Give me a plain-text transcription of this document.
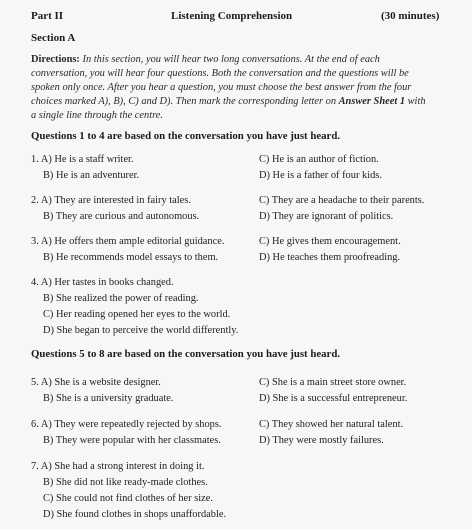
Part II	Listening Comprehension	(30 minutes)
Section A
Directions: In this section, you will hear two long conversations. At the end of each
conversation, you will hear four questions. Both the conversation and the questions will be
spoken only once. After you hear a question, you must choose the best answer from the four
choices marked A), B), C) and D). Then mark the corresponding letter on Answer Sheet 1 with
a single line through the centre.
Questions 1 to 4 are based on the conversation you have just heard.
1. A) He is a staff writer.
B) He is an adventurer.
C) He is an author of fiction.
D) He is a father of four kids.
2. A) They are interested in fairy tales.
B) They are curious and autonomous.
C) They are a headache to their parents.
D) They are ignorant of politics.
3. A) He offers them ample editorial guidance.
B) He recommends model essays to them.
C) He gives them encouragement.
D) He teaches them proofreading.
4. A) Her tastes in books changed.
B) She realized the power of reading.
C) Her reading opened her eyes to the world.
D) She began to perceive the world differently.
Questions 5 to 8 are based on the conversation you have just heard.
5. A) She is a website designer.
B) She is a university graduate.
C) She is a main street store owner.
D) She is a successful entrepreneur.
6. A) They were repeatedly rejected by shops.
B) They were popular with her classmates.
C) They showed her natural talent.
D) They were mostly failures.
7. A) She had a strong interest in doing it.
B) She did not like ready-made clothes.
C) She could not find clothes of her size.
D) She found clothes in shops unaffordable.
